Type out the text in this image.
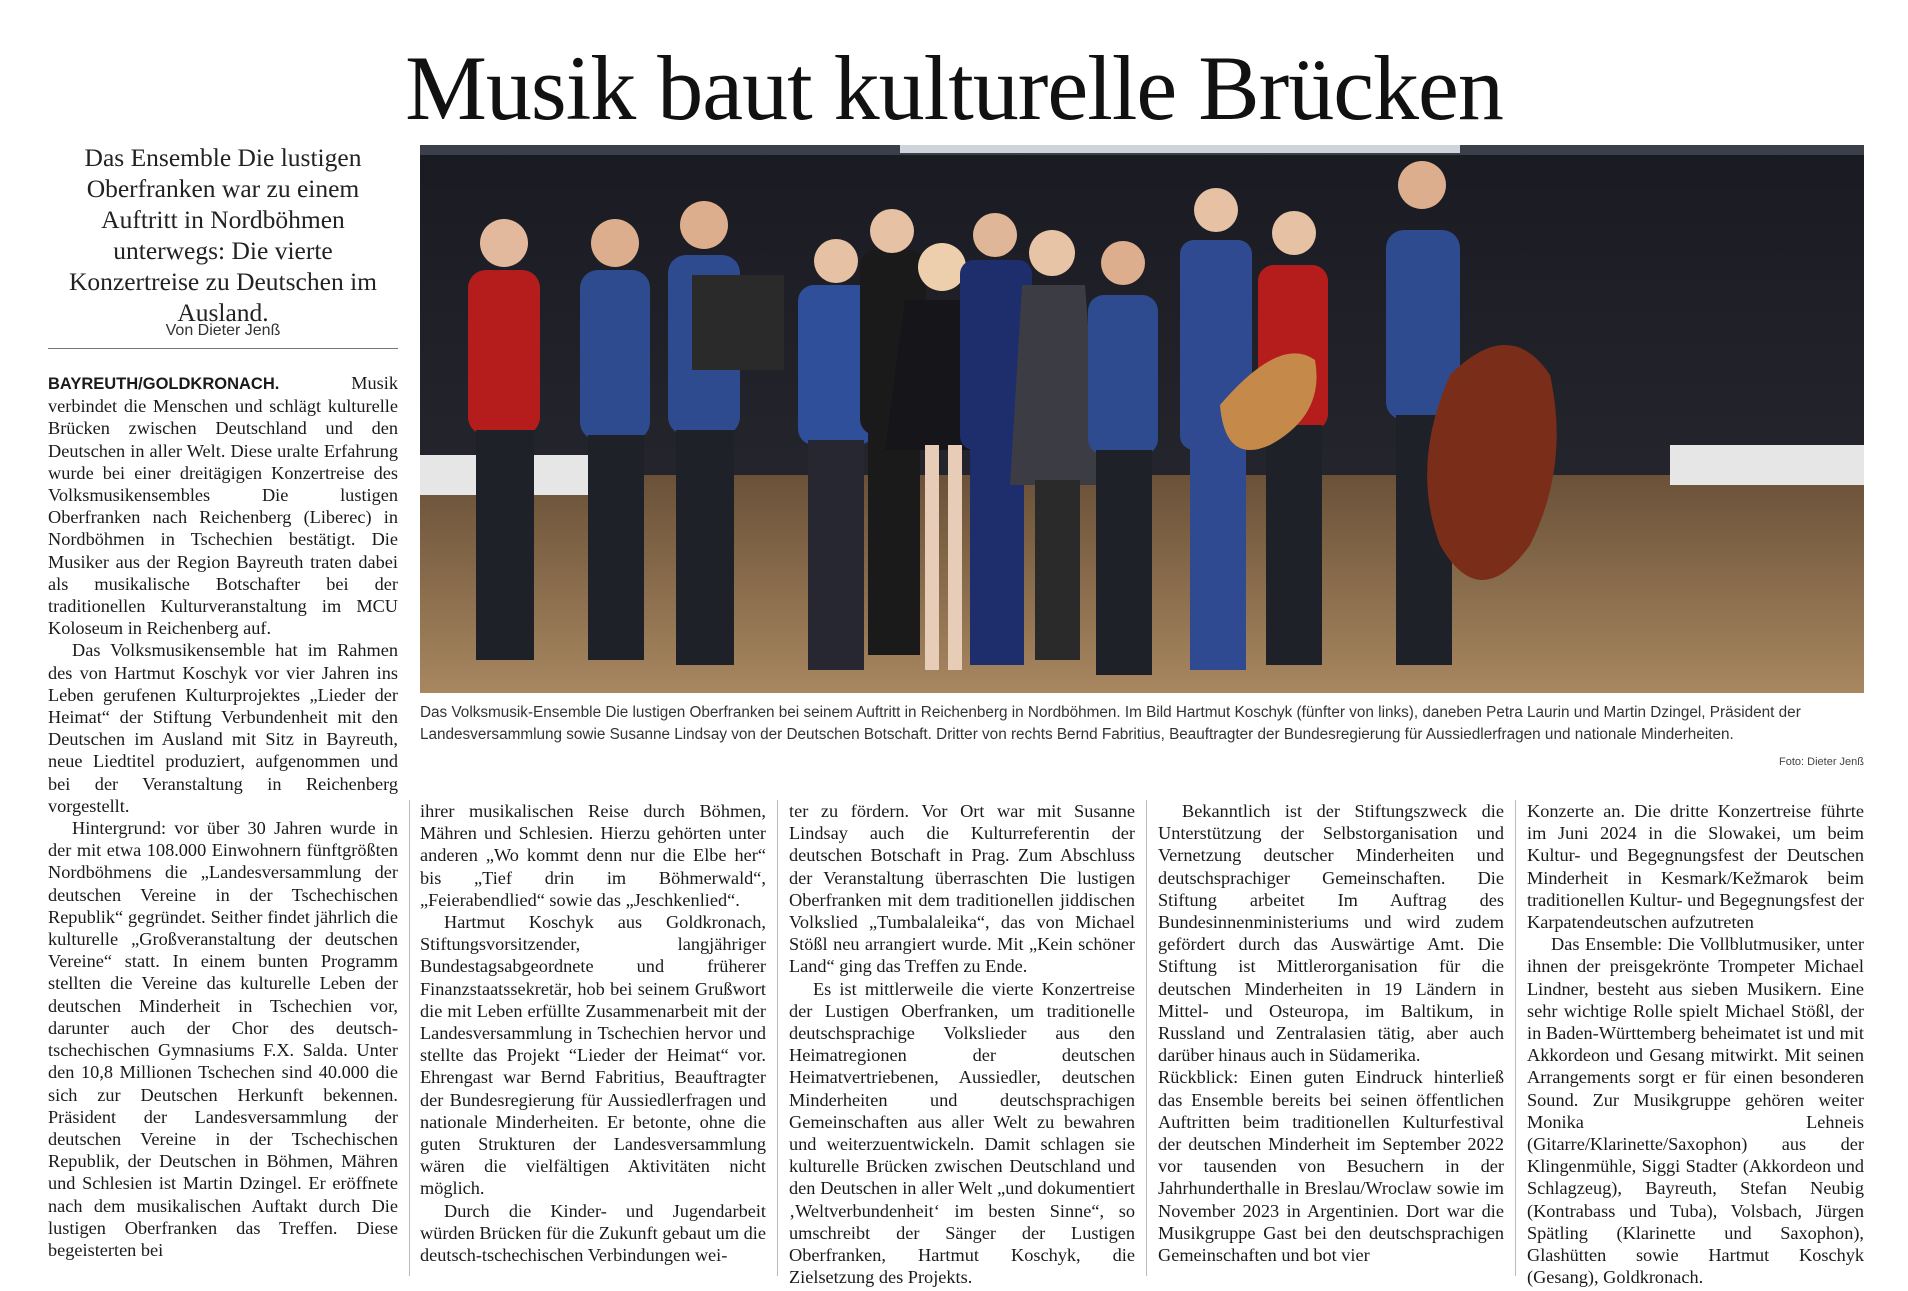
Musik baut kulturelle Brücken
Das Ensemble Die lustigen Oberfranken war zu einem Auftritt in Nordböhmen unterwegs: Die vierte Konzertreise zu Deutschen im Ausland.
Von Dieter Jenß
Das Volksmusik-Ensemble Die lustigen Oberfranken bei seinem Auftritt in Reichenberg in Nordböhmen. Im Bild Hartmut Koschyk (fünfter von links), daneben Petra Laurin und Martin Dzingel, Präsident der Landesversammlung sowie Susanne Lindsay von der Deutschen Botschaft. Dritter von rechts Bernd Fabritius, Beauftragter der Bundesregierung für Aussiedlerfragen und nationale Minderheiten.
Foto: Dieter Jenß

BAYREUTH/GOLDKRONACH.	Musik verbindet die Menschen und schlägt kulturelle Brücken zwischen Deutschland und den Deutschen in aller Welt. Diese uralte Erfahrung wurde bei einer dreitägigen Konzertreise des Volksmusikensembles Die lustigen Oberfranken nach Reichenberg (Liberec) in Nordböhmen in Tschechien bestätigt. Die Musiker aus der Region Bayreuth traten dabei als musikalische Botschafter bei der traditionellen Kulturveranstaltung im MCU Koloseum in Reichenberg auf.

Das Volksmusikensemble hat im Rahmen des von Hartmut Koschyk vor vier Jahren ins Leben gerufenen Kulturprojektes „Lieder der Heimat“ der Stiftung Verbundenheit mit den Deutschen im Ausland mit Sitz in Bayreuth, neue Liedtitel produziert, aufgenommen und bei der Veranstaltung in Reichenberg vorgestellt.

Hintergrund: vor über 30 Jahren wurde in der mit etwa 108.000 Einwohnern fünftgrößten Nordböhmens die „Landesversammlung der deutschen Vereine in der Tschechischen Republik“ gegründet. Seither findet jährlich die kulturelle „Großveranstaltung der deutschen Vereine“ statt. In einem bunten Programm stellten die Vereine das kulturelle Leben der deutschen Minderheit in Tschechien vor, darunter auch der Chor des deutsch-tschechischen Gymnasiums F.X. Salda. Unter den 10,8 Millionen Tschechen sind 40.000 die sich zur Deutschen Herkunft bekennen. Präsident der Landesversammlung der deutschen Vereine in der Tschechischen Republik, der Deutschen in Böhmen, Mähren und Schlesien ist Martin Dzingel. Er eröffnete nach dem musikalischen Auftakt durch Die lustigen Oberfranken das Treffen. Diese begeisterten bei

ihrer musikalischen Reise durch Böhmen, Mähren und Schlesien. Hierzu gehörten unter anderen „Wo kommt denn nur die Elbe her“ bis „Tief drin im Böhmerwald“, „Feierabendlied“ sowie das „Jeschkenlied“.

Hartmut Koschyk aus Goldkronach, Stiftungsvorsitzender, langjähriger Bundestagsabgeordnete und früherer Finanzstaatssekretär, hob bei seinem Grußwort die mit Leben erfüllte Zusammenarbeit mit der Landesversammlung in Tschechien hervor und stellte das Projekt “Lieder der Heimat“ vor. Ehrengast war Bernd Fabritius, Beauftragter der Bundesregierung für Aussiedlerfragen und nationale Minderheiten. Er betonte, ohne die guten Strukturen der Landesversammlung wären die vielfältigen Aktivitäten nicht möglich.

Durch die Kinder- und Jugendarbeit würden Brücken für die Zukunft gebaut um die deutsch-tschechischen Verbindungen wei-

ter zu fördern. Vor Ort war mit Susanne Lindsay auch die Kulturreferentin der deutschen Botschaft in Prag. Zum Abschluss der Veranstaltung überraschten Die lustigen Oberfranken mit dem traditionellen jiddischen Volkslied „Tumbalaleika“, das von Michael Stößl neu arrangiert wurde. Mit „Kein schöner Land“ ging das Treffen zu Ende.

Es ist mittlerweile die vierte Konzertreise der Lustigen Oberfranken, um traditionelle deutschsprachige Volkslieder aus den Heimatregionen der deutschen Heimatvertriebenen, Aussiedler, deutschen Minderheiten und deutschsprachigen Gemeinschaften aus aller Welt zu bewahren und weiterzuentwickeln. Damit schlagen sie kulturelle Brücken zwischen Deutschland und den Deutschen in aller Welt „und dokumentiert ‚Weltverbundenheit‘ im besten Sinne“, so umschreibt der Sänger der Lustigen Oberfranken, Hartmut Koschyk, die Zielsetzung des Projekts.

Bekanntlich ist der Stiftungszweck die Unterstützung der Selbstorganisation und Vernetzung deutscher Minderheiten und deutschsprachiger Gemeinschaften. Die Stiftung arbeitet Im Auftrag des Bundesinnenministeriums und wird zudem gefördert durch das Auswärtige Amt. Die Stiftung ist Mittlerorganisation für die deutschen Minderheiten in 19 Ländern in Mittel- und Osteuropa, im Baltikum, in Russland und Zentralasien tätig, aber auch darüber hinaus auch in Südamerika.

Rückblick: Einen guten Eindruck hinterließ das Ensemble bereits bei seinen öffentlichen Auftritten beim traditionellen Kulturfestival der deutschen Minderheit im September 2022 vor tausenden von Besuchern in der Jahrhunderthalle in Breslau/Wroclaw sowie im November 2023 in Argentinien. Dort war die Musikgruppe Gast bei den deutschsprachigen Gemeinschaften und bot vier

Konzerte an. Die dritte Konzertreise führte im Juni 2024 in die Slowakei, um beim Kultur- und Begegnungsfest der Deutschen Minderheit in Kesmark/Kežmarok beim traditionellen Kultur- und Begegnungsfest der Karpatendeutschen aufzutreten

Das Ensemble: Die Vollblutmusiker, unter ihnen der preisgekrönte Trompeter Michael Lindner, besteht aus sieben Musikern. Eine sehr wichtige Rolle spielt Michael Stößl, der in Baden-Württemberg beheimatet ist und mit Akkordeon und Gesang mitwirkt. Mit seinen Arrangements sorgt er für einen besonderen Sound. Zur Musikgruppe gehören weiter Monika Lehneis (Gitarre/Klarinette/Saxophon) aus der Klingenmühle, Siggi Stadter (Akkordeon und Schlagzeug), Bayreuth, Stefan Neubig (Kontrabass und Tuba), Volsbach, Jürgen Spätling (Klarinette und Saxophon), Glashütten sowie Hartmut Koschyk (Gesang), Goldkronach.
